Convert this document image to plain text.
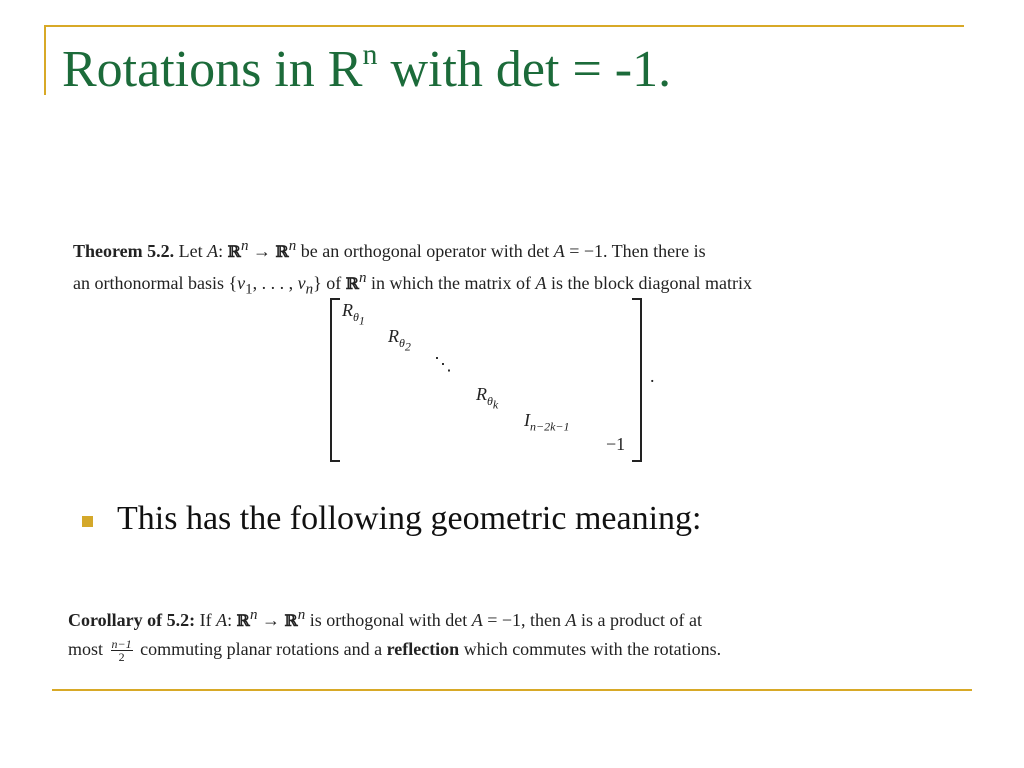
Rotations in $R^n$ with det = -1.
Theorem 5.2. Let A: ℝ$^n$ → ℝ$^n$ be an orthogonal operator with det A = −1. Then there is
an orthonormal basis {$v_1$, . . . , $v_n$} of ℝ$^n$ in which the matrix of A is the block diagonal matrix
$R_{\theta_1}$
$R_{\theta_2}$
⋱
$R_{\theta_k}$
$I_{n-2k-1}$
−1
.
This has the following geometric meaning:
Corollary of 5.2: If A: ℝ$^n$ → ℝ$^n$ is orthogonal with det A = −1, then A is a product of at
most $\frac{n-1}{2}$ commuting planar rotations and a reflection which commutes with the rotations.
